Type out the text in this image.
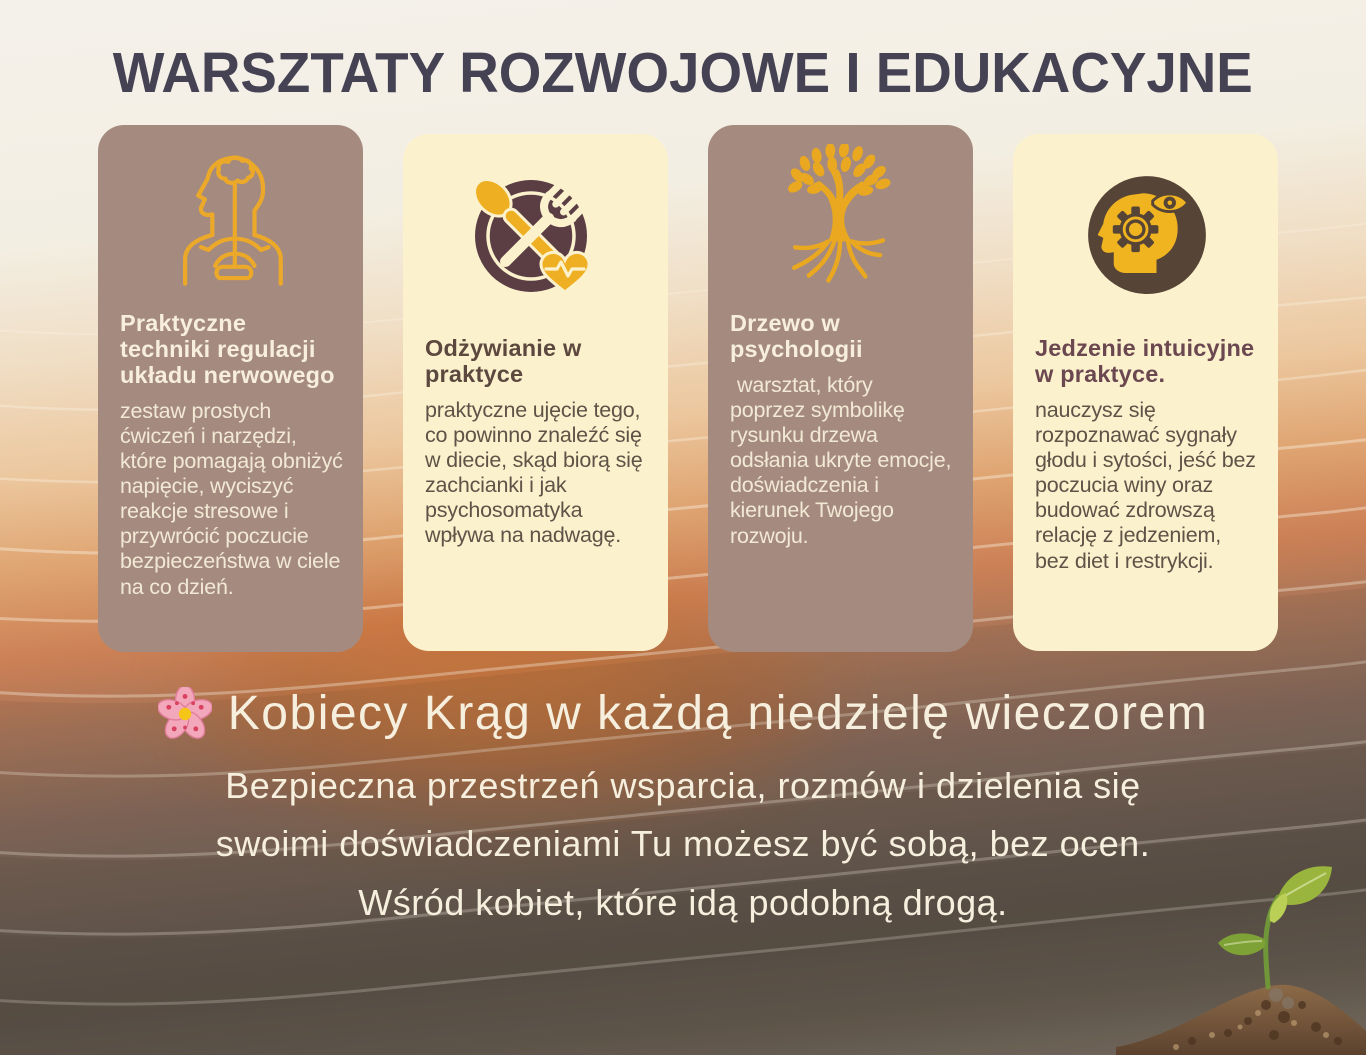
WARSZTATY ROZWOJOWE I EDUKACYJNE
Praktyczne techniki regulacji układu nerwowego

zestaw prostych ćwiczeń i narzędzi, które pomagają obniżyć napięcie, wyciszyć reakcje stresowe i przywrócić poczucie bezpieczeństwa w ciele na co dzień.

Odżywianie w praktyce

praktyczne ujęcie tego, co powinno znaleźć się w diecie, skąd biorą się zachcianki i jak psychosomatyka wpływa na nadwagę.

Drzewo w psychologii

warsztat, który poprzez symbolikę rysunku drzewa odsłania ukryte emocje, doświadczenia i kierunek Twojego rozwoju.

Jedzenie intuicyjne w praktyce.

nauczysz się rozpoznawać sygnały głodu i sytości, jeść bez poczucia winy oraz budować zdrowszą relację z jedzeniem, bez diet i restrykcji.

Kobiecy Krąg w każdą niedzielę wieczorem
Bezpieczna przestrzeń wsparcia, rozmów i dzielenia się
swoimi doświadczeniami Tu możesz być sobą, bez ocen.
Wśród kobiet, które idą podobną drogą.
